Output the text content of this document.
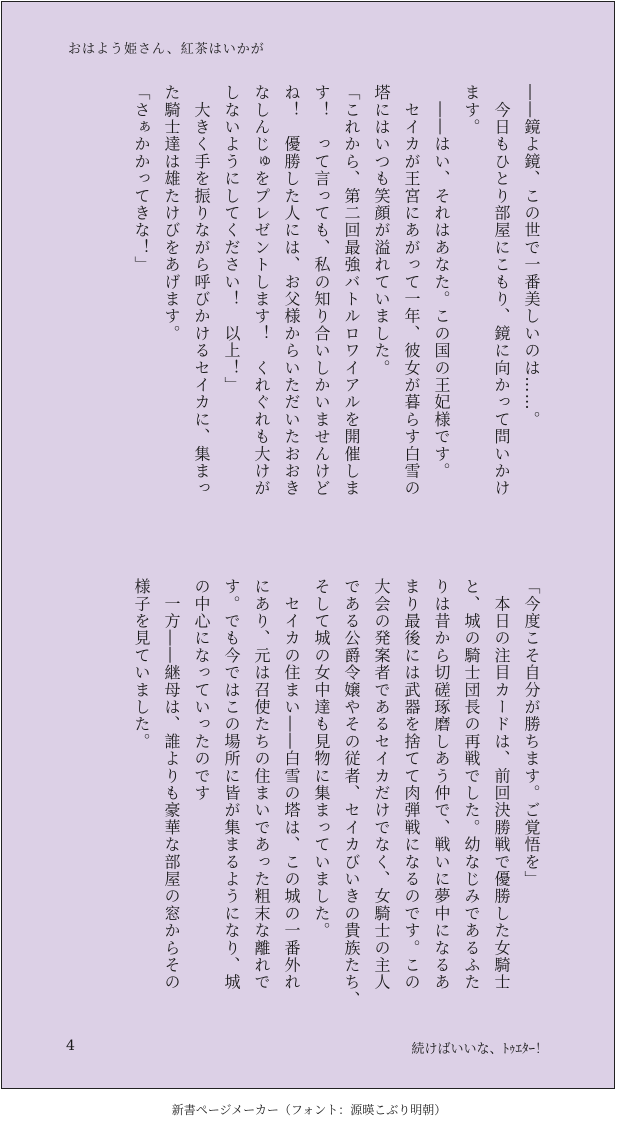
おはよう姫さん、紅茶はいかが

――鏡よ鏡、この世で一番美しいのは……。

　今日もひとり部屋にこもり、鏡に向かって問いかけ

ます。

　――はい、それはあなた。この国の王妃様です。

　セイカが王宮にあがって一年、彼女が暮らす白雪の

塔にはいつも笑顔が溢れていました。

「これから、第二回最強バトルロワイアルを開催しま

す！　って言っても、私の知り合いしかいませんけど

ね！　優勝した人には、お父様からいただいたおおき

なしんじゅをプレゼントします！　くれぐれも大けが

しないようにしてください！　以上！」

　大きく手を振りながら呼びかけるセイカに、集まっ

た騎士達は雄たけびをあげます。

「さぁかかってきな！」

「今度こそ自分が勝ちます。ご覚悟を」

　本日の注目カードは、前回決勝戦で優勝した女騎士

と、城の騎士団長の再戦でした。幼なじみであるふた

りは昔から切磋琢磨しあう仲で、戦いに夢中になるあ

まり最後には武器を捨てて肉弾戦になるのです。この

大会の発案者であるセイカだけでなく、女騎士の主人

である公爵令嬢やその従者、セイカびいきの貴族たち、

そして城の女中達も見物に集まっていました。

　セイカの住まい――白雪の塔は、この城の一番外れ

にあり、元は召使たちの住まいであった粗末な離れで

す。でも今ではこの場所に皆が集まるようになり、城

の中心になっていったのです

　一方――継母は、誰よりも豪華な部屋の窓からその

様子を見ていました。

4	続けばいいな、ﾄｩｴﾀｰ！
新書ページメーカー（フォント：源暎こぶり明朝）
